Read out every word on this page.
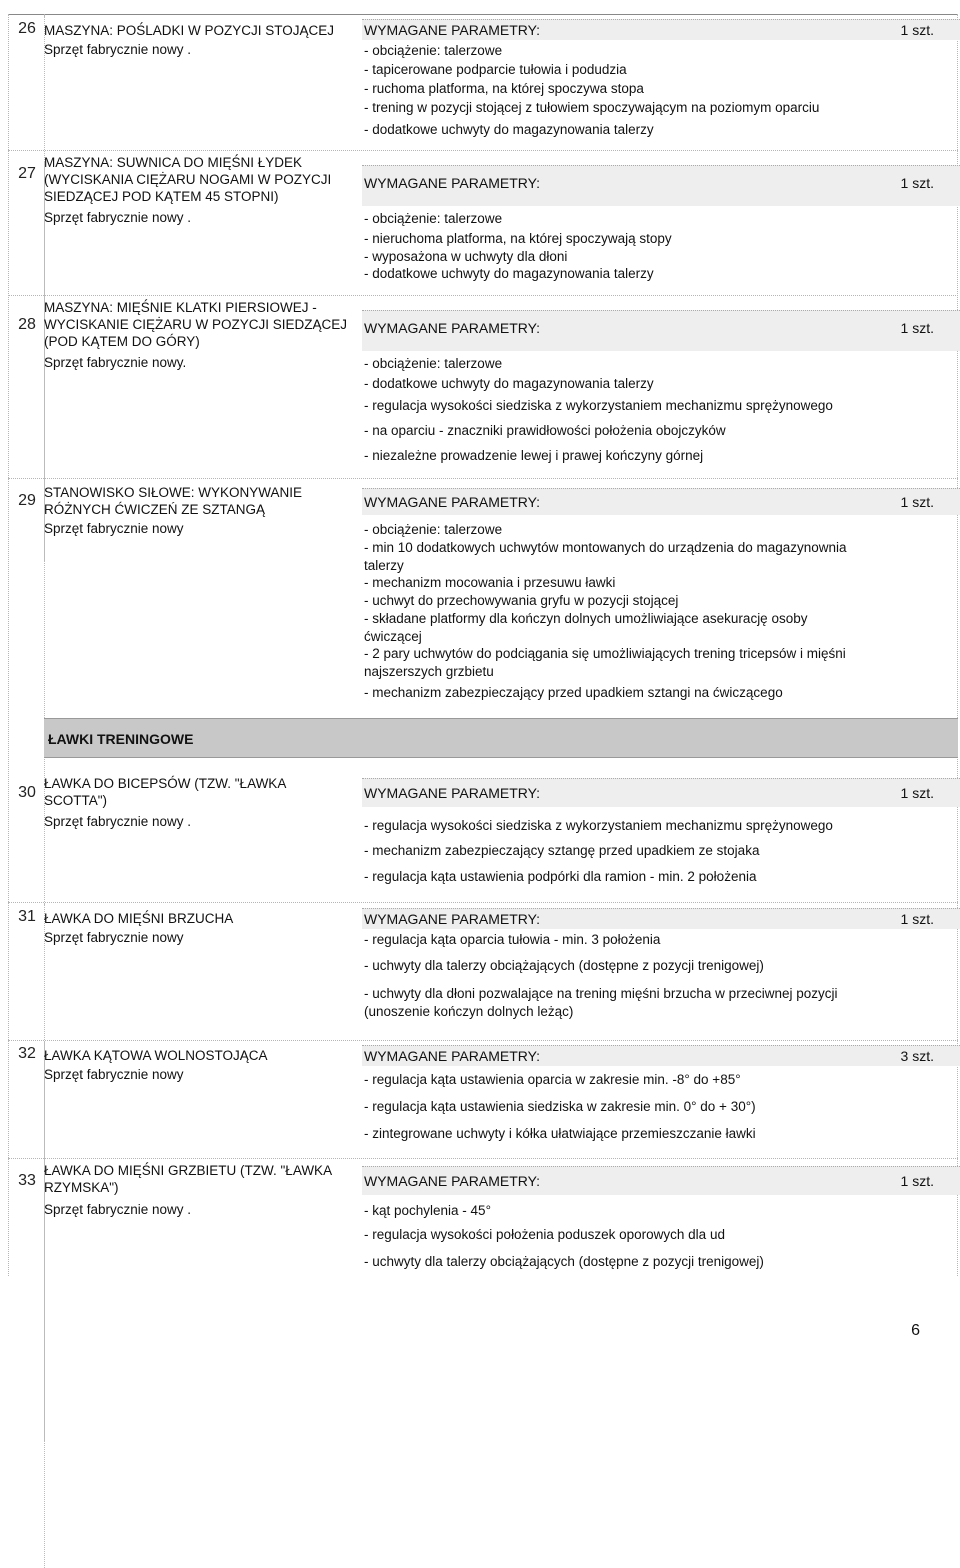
26 MASZYNA: POŚLADKI W POZYCJI STOJĄCEJ	WYMAGANE PARAMETRY:	1 szt.
Sprzęt fabrycznie nowy .	- obciążenie: talerzowe
- tapicerowane podparcie tułowia i podudzia
- ruchoma platforma, na której spoczywa stopa
- trening w pozycji stojącej z tułowiem spoczywającym na poziomym oparciu
- dodatkowe uchwyty do magazynowania talerzy
27
MASZYNA: SUWNICA DO MIĘŚNI ŁYDEK (WYCISKANIA CIĘŻARU NOGAMI W POZYCJI SIEDZĄCEJ POD KĄTEM 45 STOPNI)
WYMAGANE PARAMETRY:	1 szt.
Sprzęt fabrycznie nowy .	- obciążenie: talerzowe
- nieruchoma platforma, na której spoczywają stopy
- wyposażona w uchwyty dla dłoni
- dodatkowe uchwyty do magazynowania talerzy
28
MASZYNA: MIĘŚNIE KLATKI PIERSIOWEJ - WYCISKANIE CIĘŻARU W POZYCJI SIEDZĄCEJ (POD KĄTEM DO GÓRY)
WYMAGANE PARAMETRY:	1 szt.
Sprzęt fabrycznie nowy.	- obciążenie: talerzowe
- dodatkowe uchwyty do magazynowania talerzy
- regulacja wysokości siedziska z wykorzystaniem mechanizmu sprężynowego
- na oparciu - znaczniki prawidłowości położenia obojczyków
- niezależne prowadzenie lewej i prawej kończyny górnej
29 STANOWISKO SIŁOWE: WYKONYWANIE RÓŻNYCH ĆWICZEŃ ZE SZTANGĄ	WYMAGANE PARAMETRY:	1 szt.
Sprzęt fabrycznie nowy	- obciążenie: talerzowe
- min 10 dodatkowych uchwytów montowanych do urządzenia do magazynownia talerzy
- mechanizm mocowania i przesuwu ławki
- uchwyt do przechowywania gryfu w pozycji stojącej
- składane platformy dla kończyn dolnych umożliwiające asekurację osoby ćwiczącej
- 2 pary uchwytów do podciągania się umożliwiających trening tricepsów i mięśni najszerszych grzbietu
- mechanizm zabezpieczający przed upadkiem sztangi na ćwiczącego
ŁAWKI TRENINGOWE
30
ŁAWKA DO BICEPSÓW (TZW. "ŁAWKA SCOTTA")	WYMAGANE PARAMETRY:	1 szt.
Sprzęt fabrycznie nowy .	- regulacja wysokości siedziska z wykorzystaniem mechanizmu sprężynowego
- mechanizm zabezpieczający sztangę przed upadkiem ze stojaka
- regulacja kąta ustawienia podpórki dla ramion - min. 2 położenia
31 ŁAWKA DO MIĘŚNI BRZUCHA	WYMAGANE PARAMETRY:	1 szt.
Sprzęt fabrycznie nowy	- regulacja kąta oparcia tułowia - min. 3 położenia
- uchwyty dla talerzy obciążających (dostępne z pozycji trenigowej)
- uchwyty dla dłoni pozwalające na trening mięśni brzucha w przeciwnej pozycji (unoszenie kończyn dolnych leżąc)
32 ŁAWKA KĄTOWA WOLNOSTOJĄCA	WYMAGANE PARAMETRY:	3 szt.
Sprzęt fabrycznie nowy	- regulacja kąta ustawienia oparcia w zakresie min. -8° do +85°
- regulacja kąta ustawienia siedziska w zakresie min. 0° do + 30°)
- zintegrowane uchwyty i kółka ułatwiające przemieszczanie ławki
33
ŁAWKA DO MIĘŚNI GRZBIETU (TZW. "ŁAWKA RZYMSKA")	WYMAGANE PARAMETRY:	1 szt.
Sprzęt fabrycznie nowy .	- kąt pochylenia - 45°
- regulacja wysokości położenia poduszek oporowych dla ud
- uchwyty dla talerzy obciążających (dostępne z pozycji trenigowej)
6
